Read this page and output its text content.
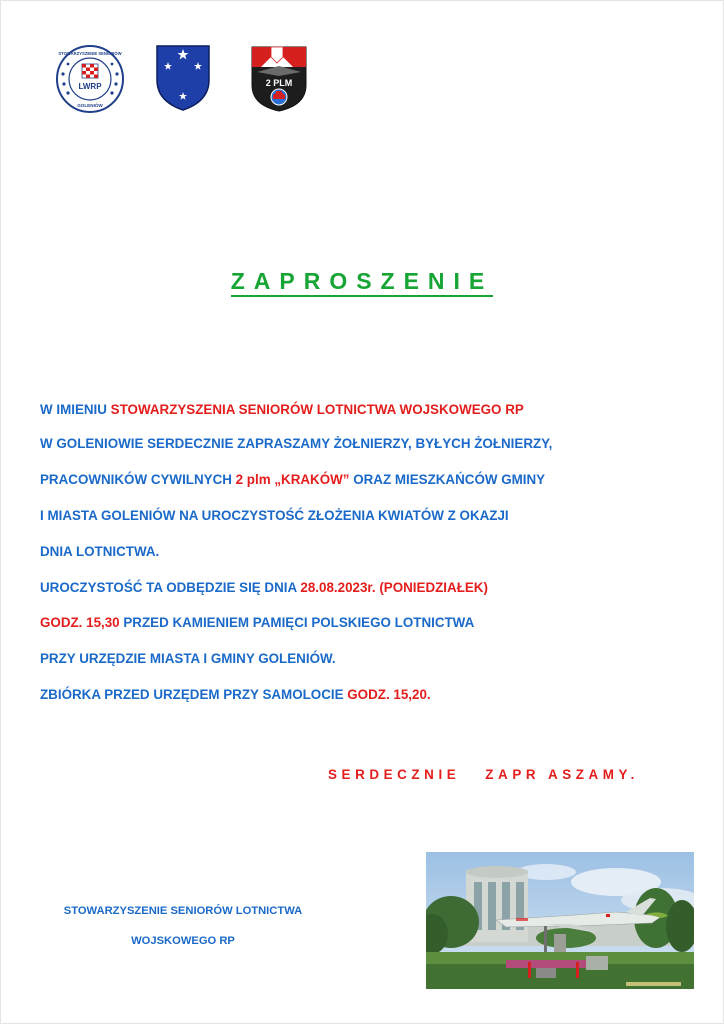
STOWARZYSZENIE SENIORÓW
LWRP
GOLENIÓW
2 PLM
ZAPROSZENIE
W IMIENIU STOWARZYSZENIA SENIORÓW LOTNICTWA WOJSKOWEGO RP
W GOLENIOWIE SERDECZNIE ZAPRASZAMY ŻOŁNIERZY, BYŁYCH ŻOŁNIERZY,
PRACOWNIKÓW CYWILNYCH 2 plm „KRAKÓW” ORAZ MIESZKAŃCÓW GMINY
I MIASTA GOLENIÓW NA UROCZYSTOŚĆ ZŁOŻENIA KWIATÓW Z OKAZJI
DNIA LOTNICTWA.
UROCZYSTOŚĆ TA ODBĘDZIE SIĘ DNIA 28.08.2023r. (PONIEDZIAŁEK)
GODZ. 15,30 PRZED KAMIENIEM PAMIĘCI POLSKIEGO LOTNICTWA
PRZY URZĘDZIE MIASTA I GMINY GOLENIÓW.
ZBIÓRKA PRZED URZĘDEM PRZY SAMOLOCIE GODZ. 15,20.
SERDECZNIE   ZAPR ASZAMY.
STOWARZYSZENIE SENIORÓW LOTNICTWA
WOJSKOWEGO RP
